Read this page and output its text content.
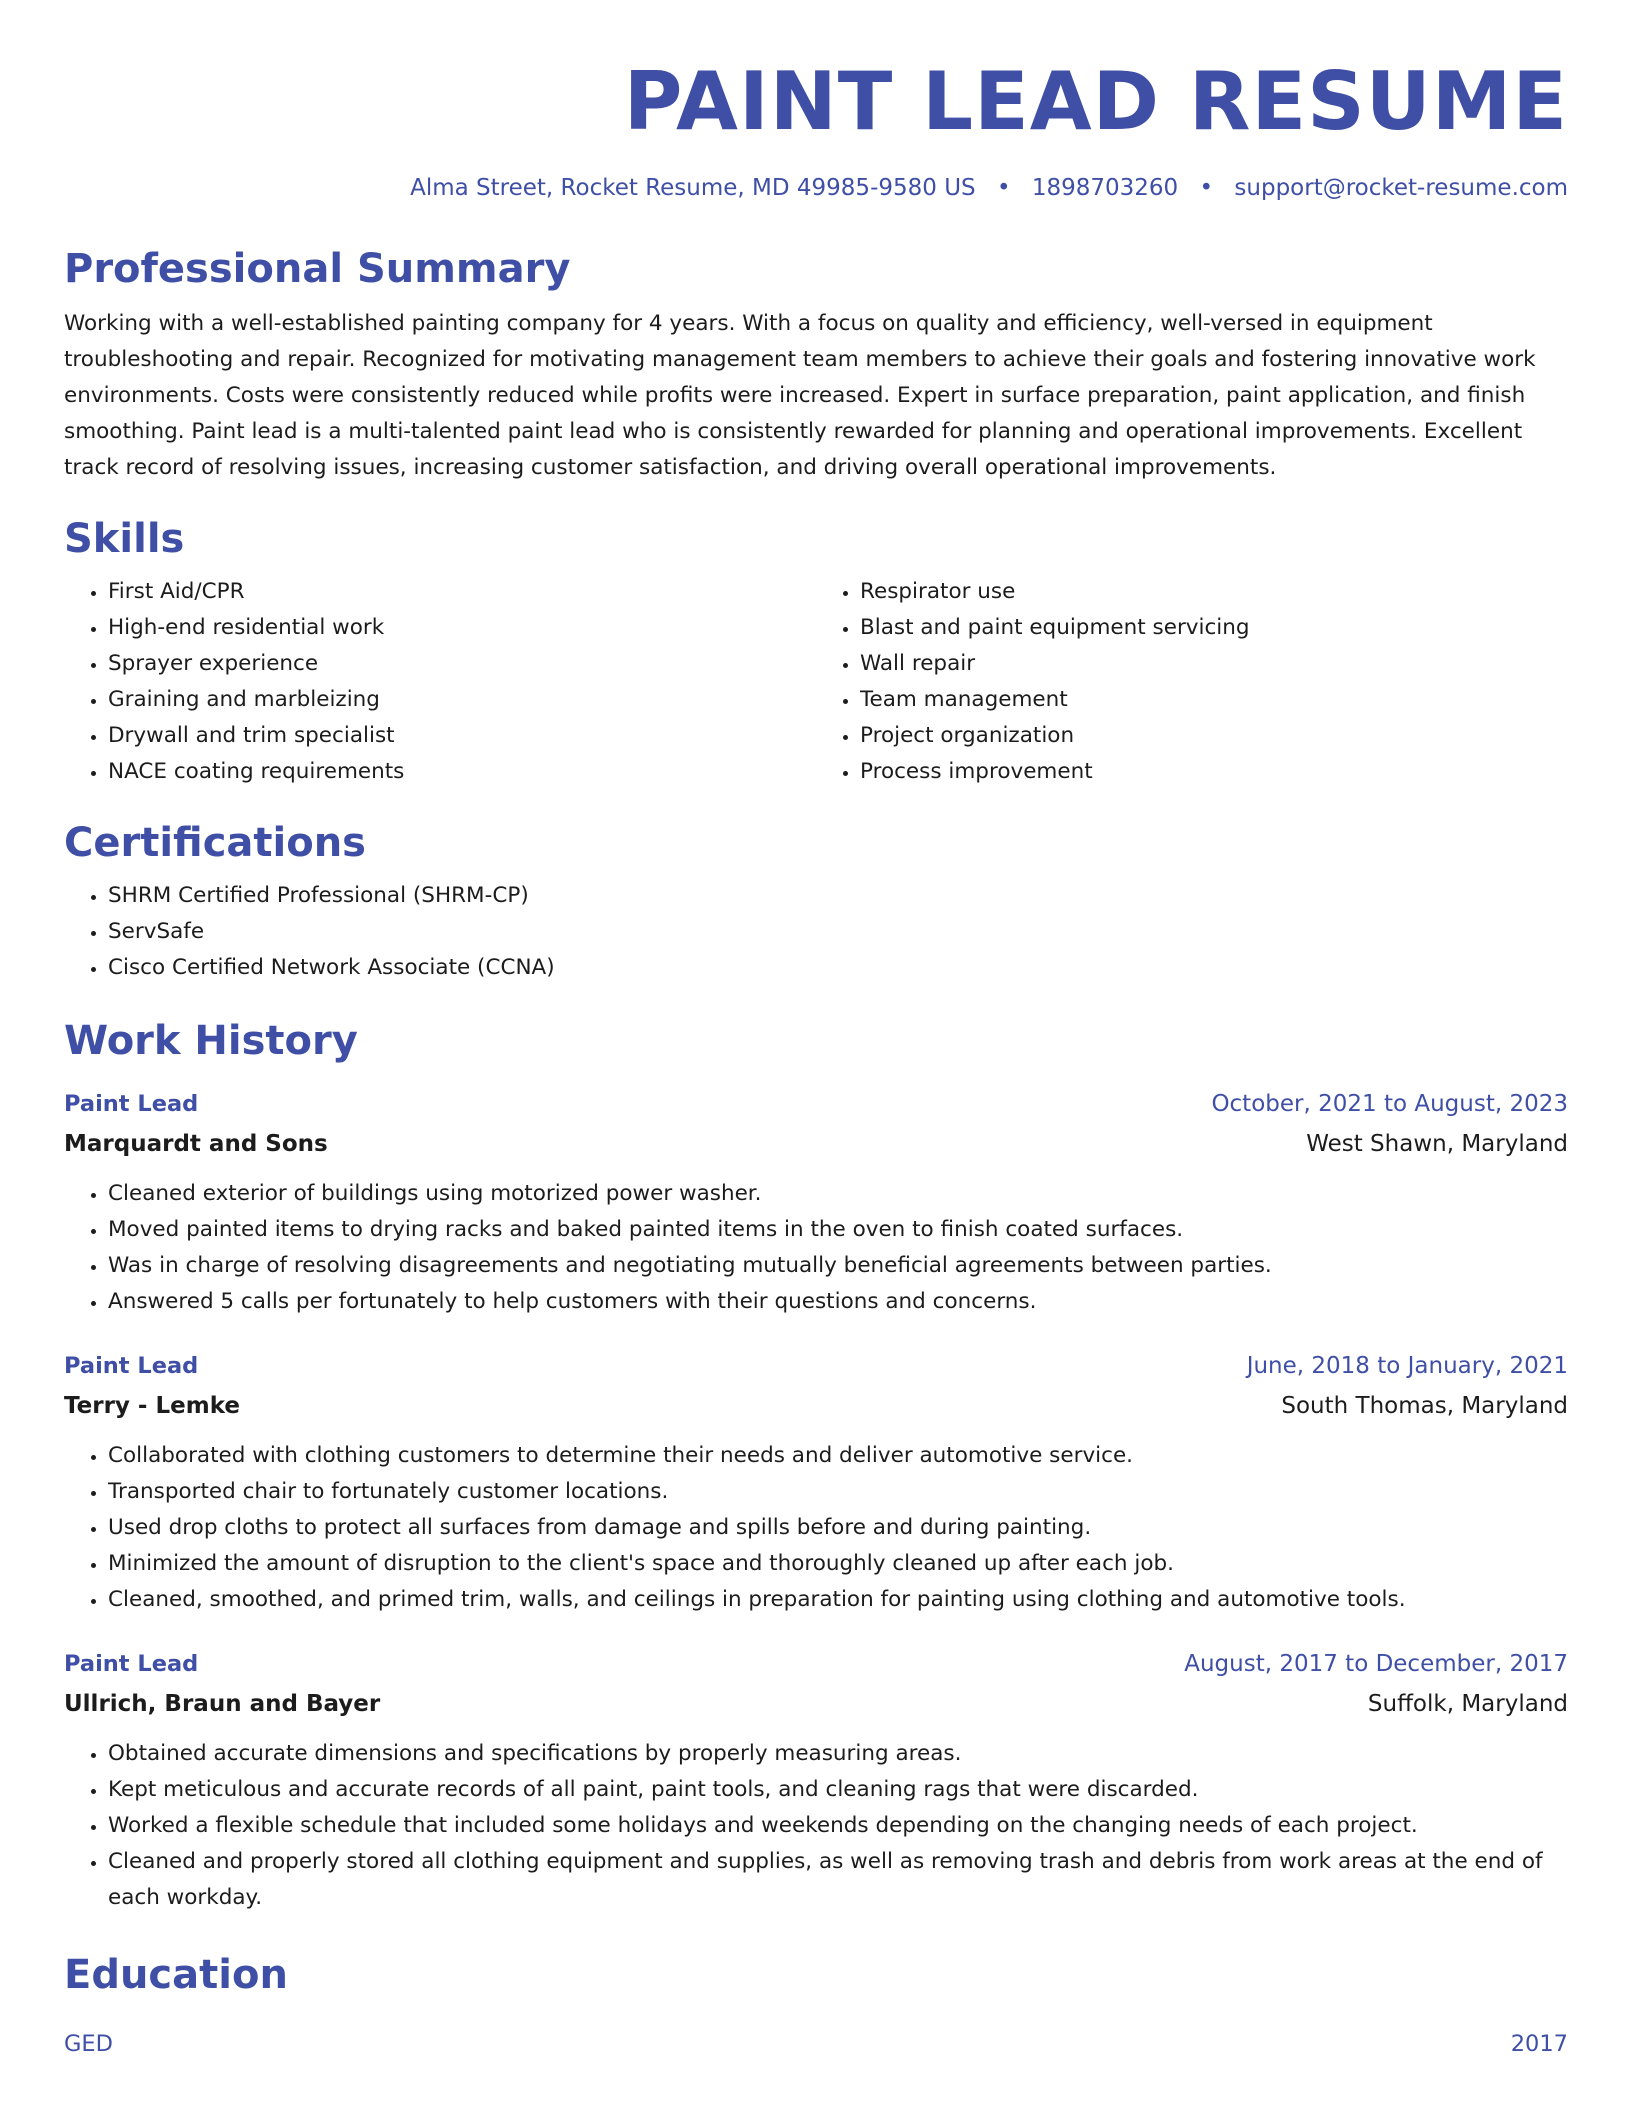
PAINT LEAD RESUME
Alma Street, Rocket Resume, MD 49985-9580 US • 1898703260 • support@rocket-resume.com
Professional Summary
Working with a well-established painting company for 4 years. With a focus on quality and efficiency, well-versed in equipment troubleshooting and repair. Recognized for motivating management team members to achieve their goals and fostering innovative work environments. Costs were consistently reduced while profits were increased. Expert in surface preparation, paint application, and finish smoothing. Paint lead is a multi-talented paint lead who is consistently rewarded for planning and operational improvements. Excellent track record of resolving issues, increasing customer satisfaction, and driving overall operational improvements.
Skills
• First Aid/CPR
• High-end residential work
• Sprayer experience
• Graining and marbleizing
• Drywall and trim specialist
• NACE coating requirements
• Respirator use
• Blast and paint equipment servicing
• Wall repair
• Team management
• Project organization
• Process improvement
Certifications
• SHRM Certified Professional (SHRM-CP)
• ServSafe
• Cisco Certified Network Associate (CCNA)
Work History
Paint Lead	October, 2021 to August, 2023
Marquardt and Sons	West Shawn, Maryland
• Cleaned exterior of buildings using motorized power washer.
• Moved painted items to drying racks and baked painted items in the oven to finish coated surfaces.
• Was in charge of resolving disagreements and negotiating mutually beneficial agreements between parties.
• Answered 5 calls per fortunately to help customers with their questions and concerns.
Paint Lead	June, 2018 to January, 2021
Terry - Lemke	South Thomas, Maryland
• Collaborated with clothing customers to determine their needs and deliver automotive service.
• Transported chair to fortunately customer locations.
• Used drop cloths to protect all surfaces from damage and spills before and during painting.
• Minimized the amount of disruption to the client's space and thoroughly cleaned up after each job.
• Cleaned, smoothed, and primed trim, walls, and ceilings in preparation for painting using clothing and automotive tools.
Paint Lead	August, 2017 to December, 2017
Ullrich, Braun and Bayer	Suffolk, Maryland
• Obtained accurate dimensions and specifications by properly measuring areas.
• Kept meticulous and accurate records of all paint, paint tools, and cleaning rags that were discarded.
• Worked a flexible schedule that included some holidays and weekends depending on the changing needs of each project.
• Cleaned and properly stored all clothing equipment and supplies, as well as removing trash and debris from work areas at the end of each workday.
Education
GED	2017
